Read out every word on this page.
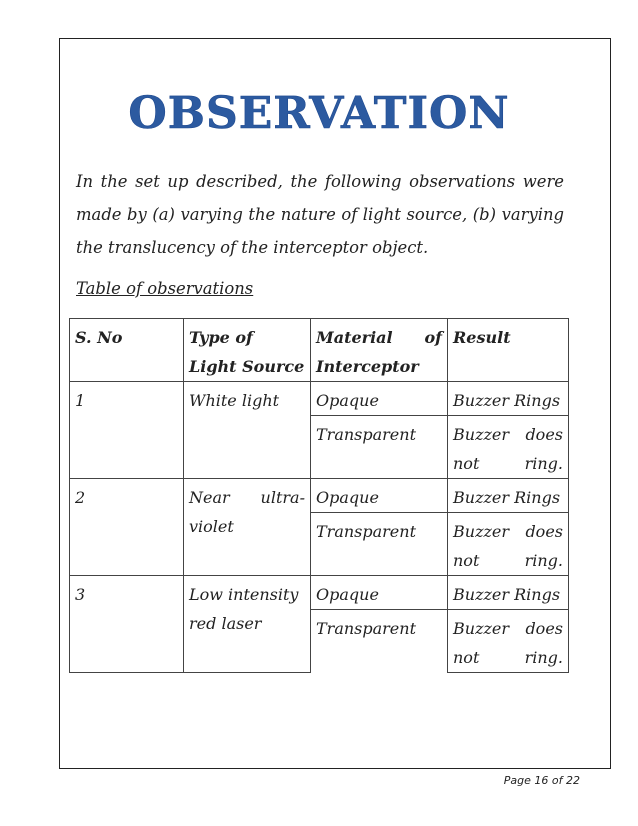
OBSERVATION
In the set up described, the following observations were made by (a) varying the nature of light source, (b) varying the translucency of the interceptor object.
Table of observations
S. No	Type of Light Source	Material of Interceptor	Result
1	White light	Opaque	Buzzer Rings
		Transparent	Buzzer does not ring.
2	Near ultra-violet	Opaque	Buzzer Rings
		Transparent	Buzzer does not ring.
3	Low intensity red laser	Opaque	Buzzer Rings
		Transparent	Buzzer does not ring.
Page 16 of 22
